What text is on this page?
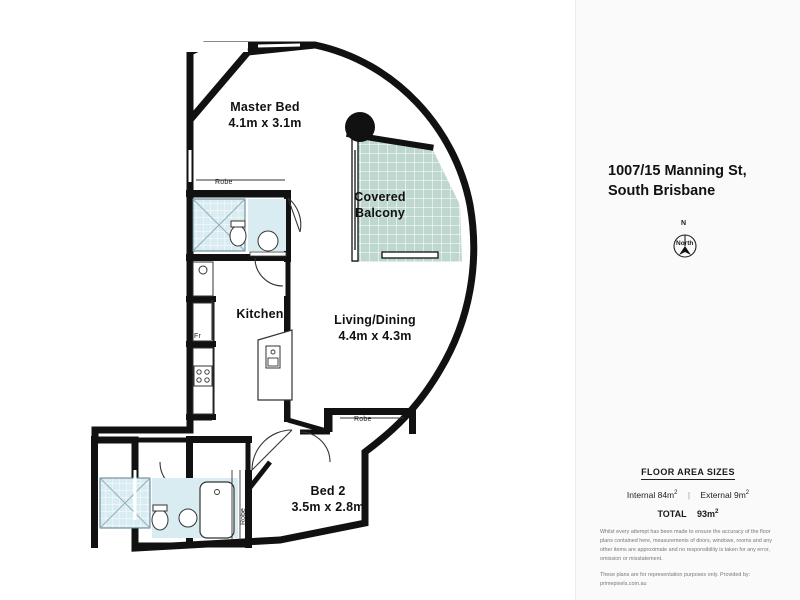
Master Bed
4.1m x 3.1m
Covered
Balcony
Living/Dining
4.4m x 4.3m
Kitchen
Bed 2
3.5m x 2.8m
Robe
Robe
Fr
Robe
1007/15 Manning St,
South Brisbane
N
North
FLOOR AREA SIZES
Internal $84m^2$ | External $9m^2$
TOTAL $93m^2$
Whilst every attempt has been made to ensure the accuracy of the floor plans contained here, measurements of doors, windows, rooms and any other items are approximate and no responsibility is taken for any error, omission or misstatement.
These plans are for representation purposes only. Provided by: primepixels.com.au
